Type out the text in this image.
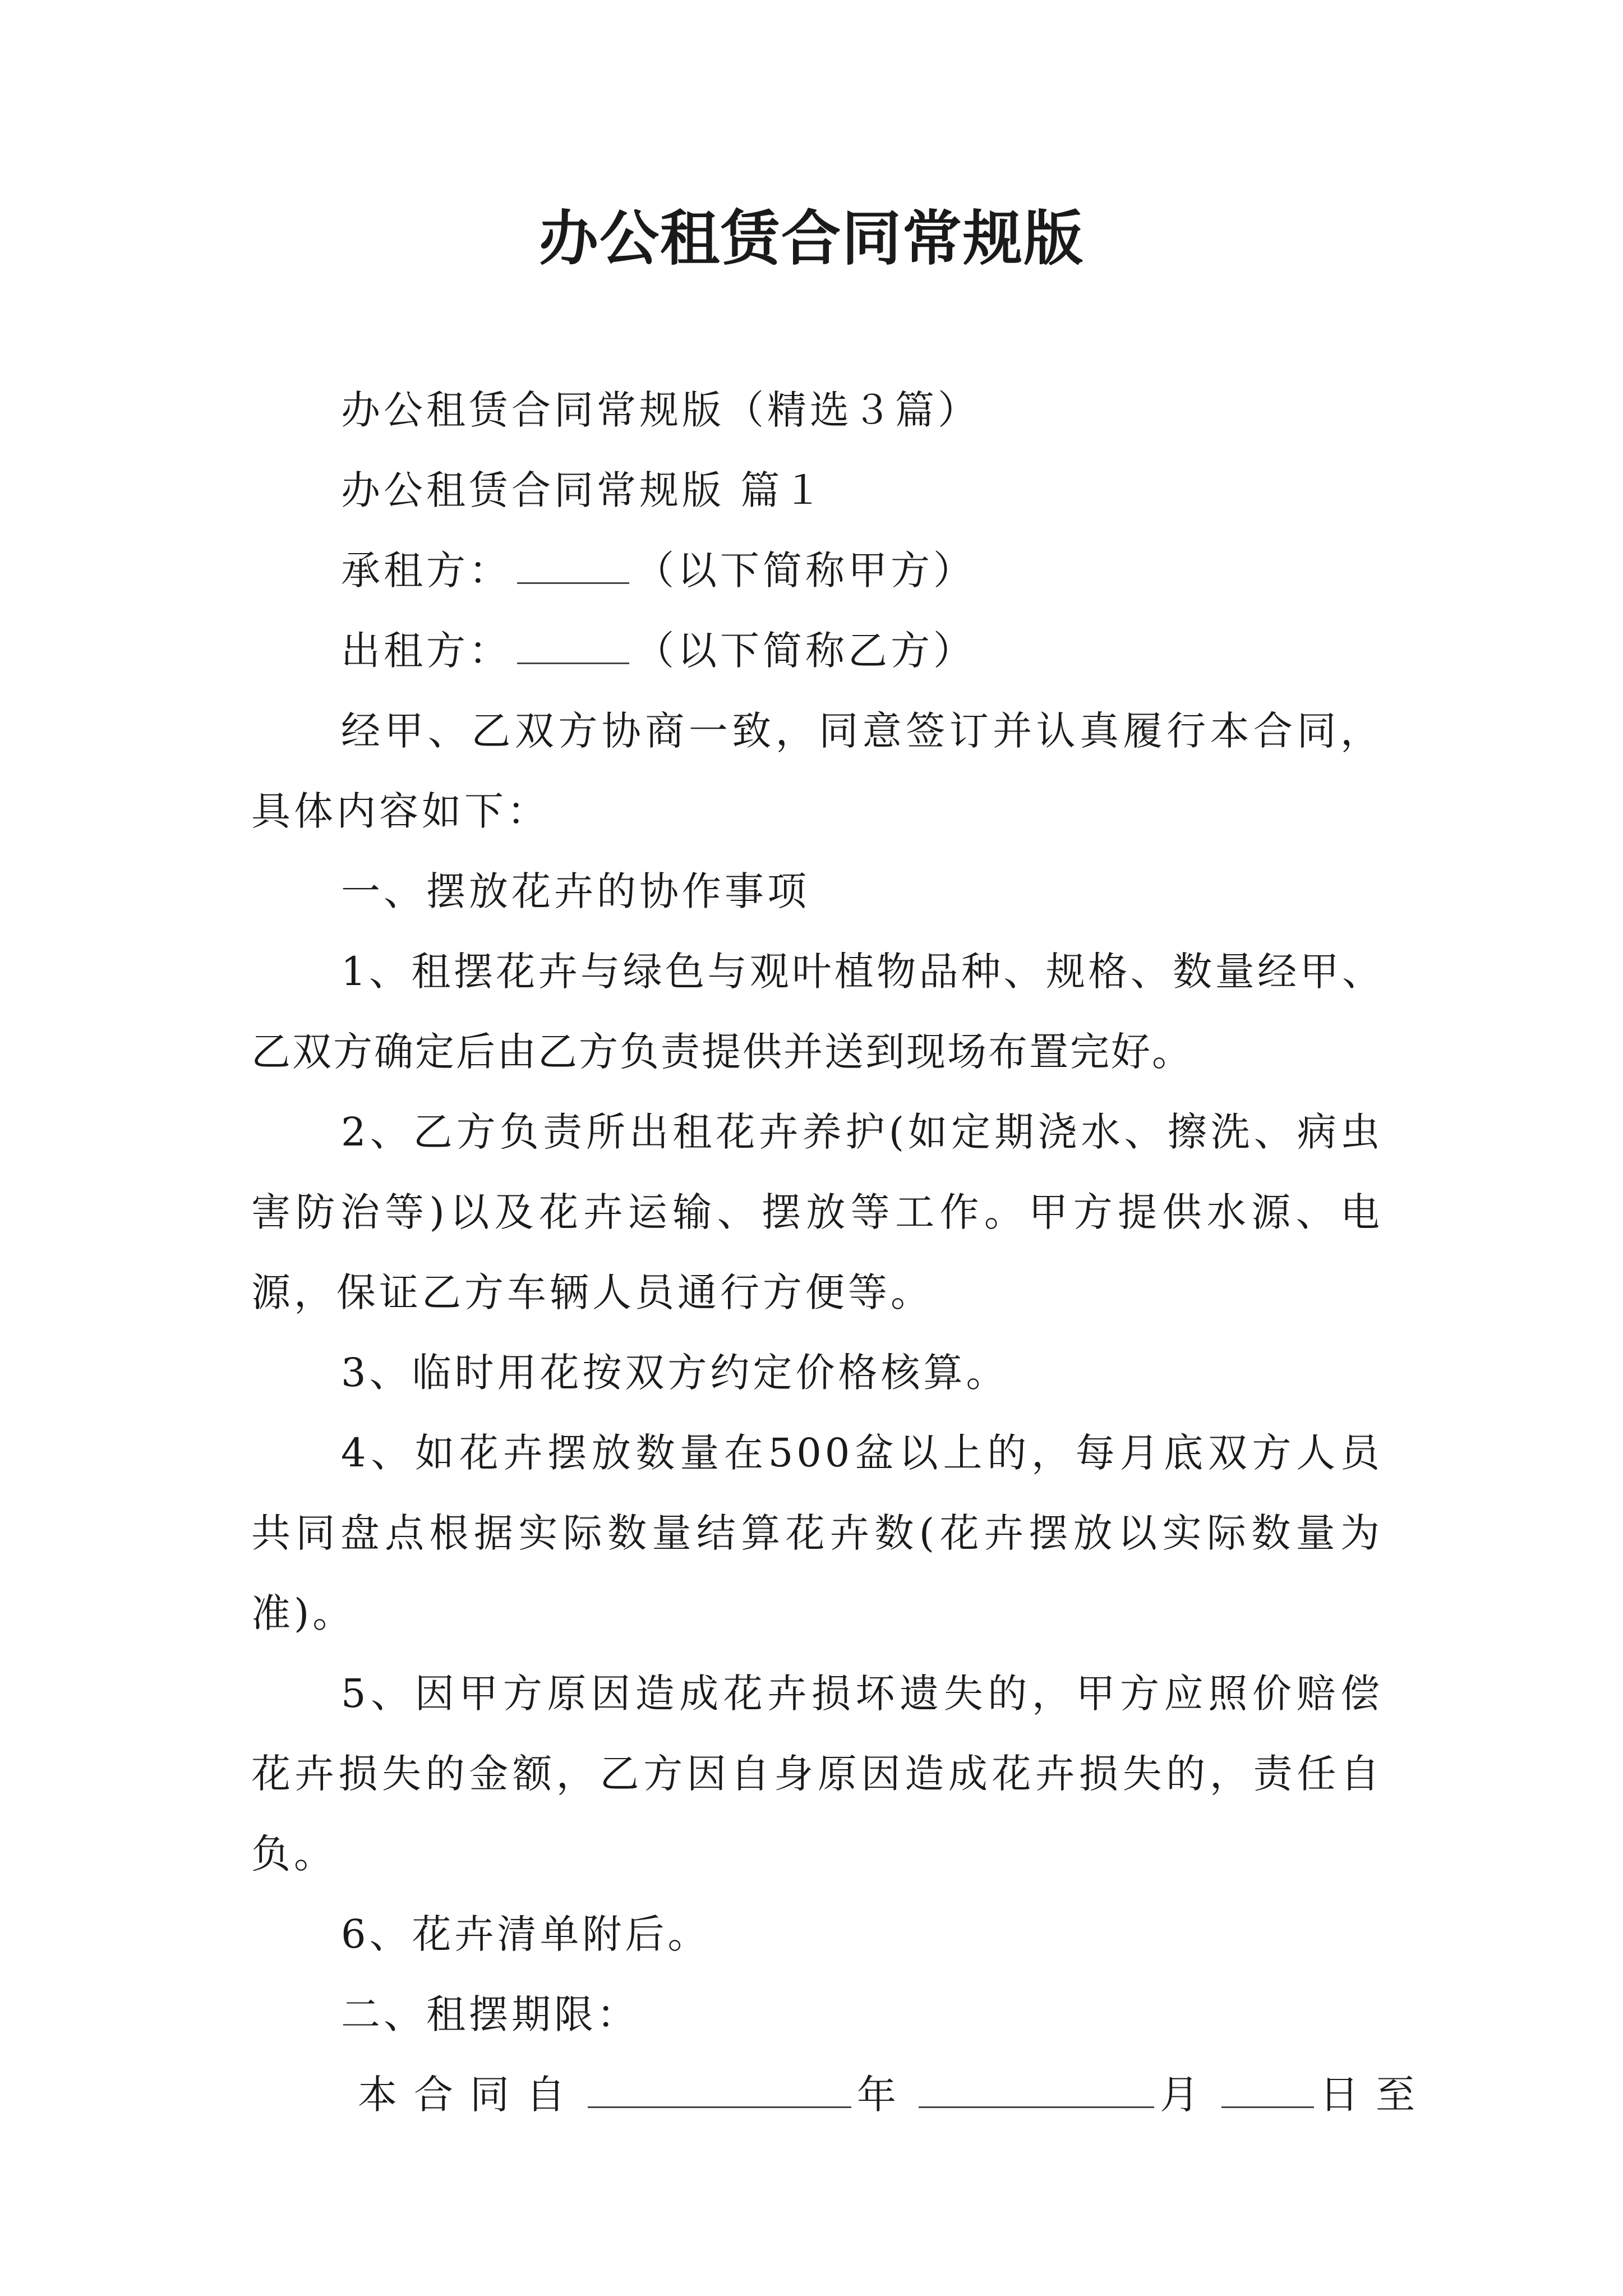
办公租赁合同常规版

办公租赁合同常规版（精选３篇）

办公租赁合同常规版 篇１

承租方：	（以下简称甲方）

出租方：	（以下简称乙方）

经甲、乙双方协商一致，同意签订并认真履行本合同，具体内容如下：

一、摆放花卉的协作事项

1、租摆花卉与绿色与观叶植物品种、规格、数量经甲、乙双方确定后由乙方负责提供并送到现场布置完好。

2、乙方负责所出租花卉养护(如定期浇水、擦洗、病虫害防治等)以及花卉运输、摆放等工作。甲方提供水源、电源，保证乙方车辆人员通行方便等。

3、临时用花按双方约定价格核算。

4、如花卉摆放数量在500盆以上的，每月底双方人员共同盘点根据实际数量结算花卉数(花卉摆放以实际数量为准)。

5、因甲方原因造成花卉损坏遗失的，甲方应照价赔偿花卉损失的金额，乙方因自身原因造成花卉损失的，责任自负。

6、花卉清单附后。

二、租摆期限：

本合同自	年	月	日至
